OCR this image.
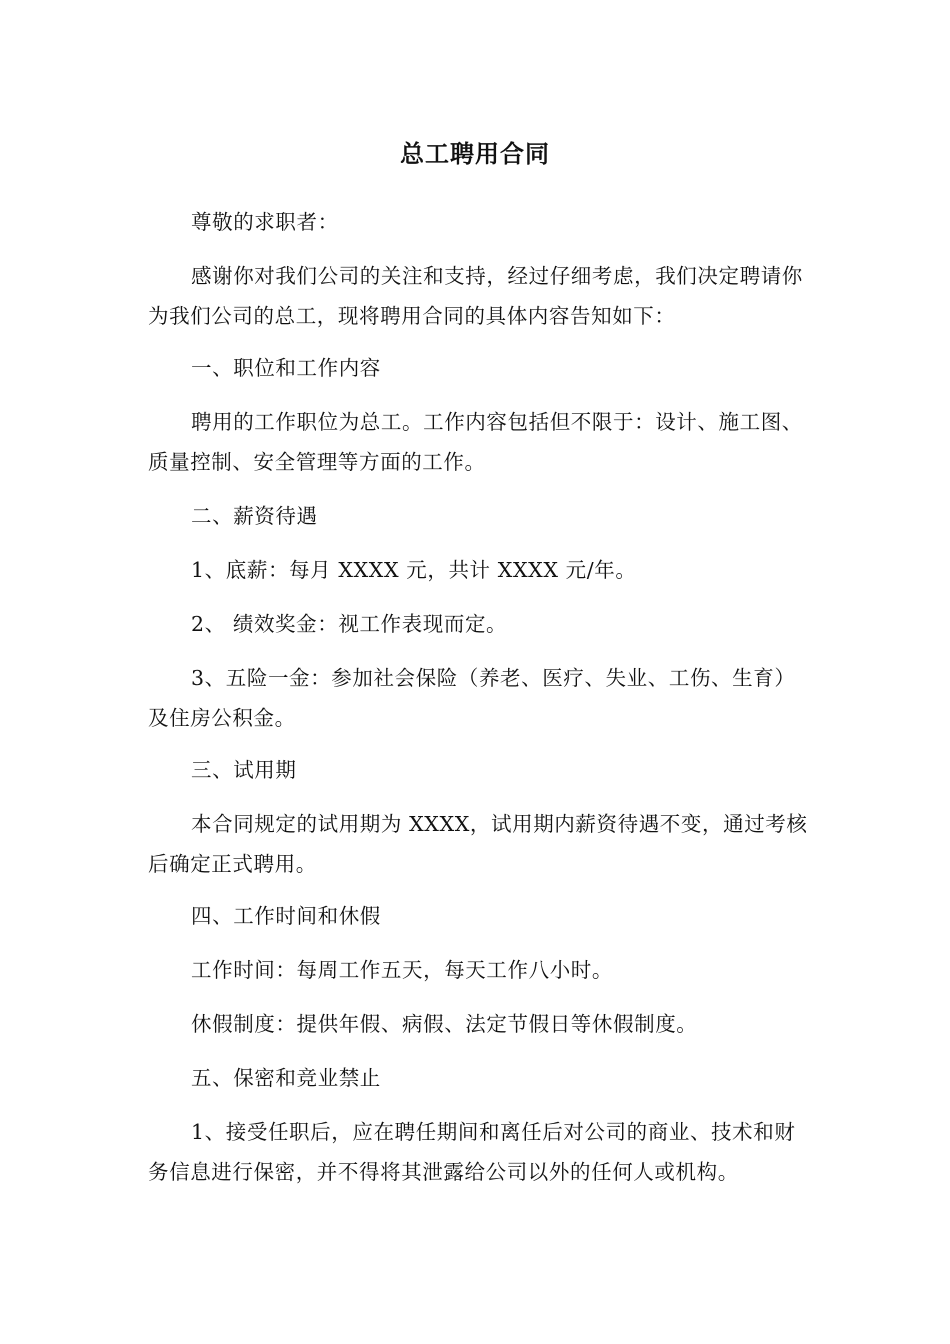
总工聘用合同

尊敬的求职者：

感谢你对我们公司的关注和支持，经过仔细考虑，我们决定聘请你为我们公司的总工，现将聘用合同的具体内容告知如下：

一、职位和工作内容

聘用的工作职位为总工。工作内容包括但不限于：设计、施工图、质量控制、安全管理等方面的工作。

二、薪资待遇

1、底薪：每月 XXXX 元，共计 XXXX 元/年。

2、 绩效奖金：视工作表现而定。

3、五险一金：参加社会保险（养老、医疗、失业、工伤、生育）及住房公积金。

三、试用期

本合同规定的试用期为 XXXX，试用期内薪资待遇不变，通过考核后确定正式聘用。

四、工作时间和休假

工作时间：每周工作五天，每天工作八小时。

休假制度：提供年假、病假、法定节假日等休假制度。

五、保密和竞业禁止

1、接受任职后，应在聘任期间和离任后对公司的商业、技术和财务信息进行保密，并不得将其泄露给公司以外的任何人或机构。
